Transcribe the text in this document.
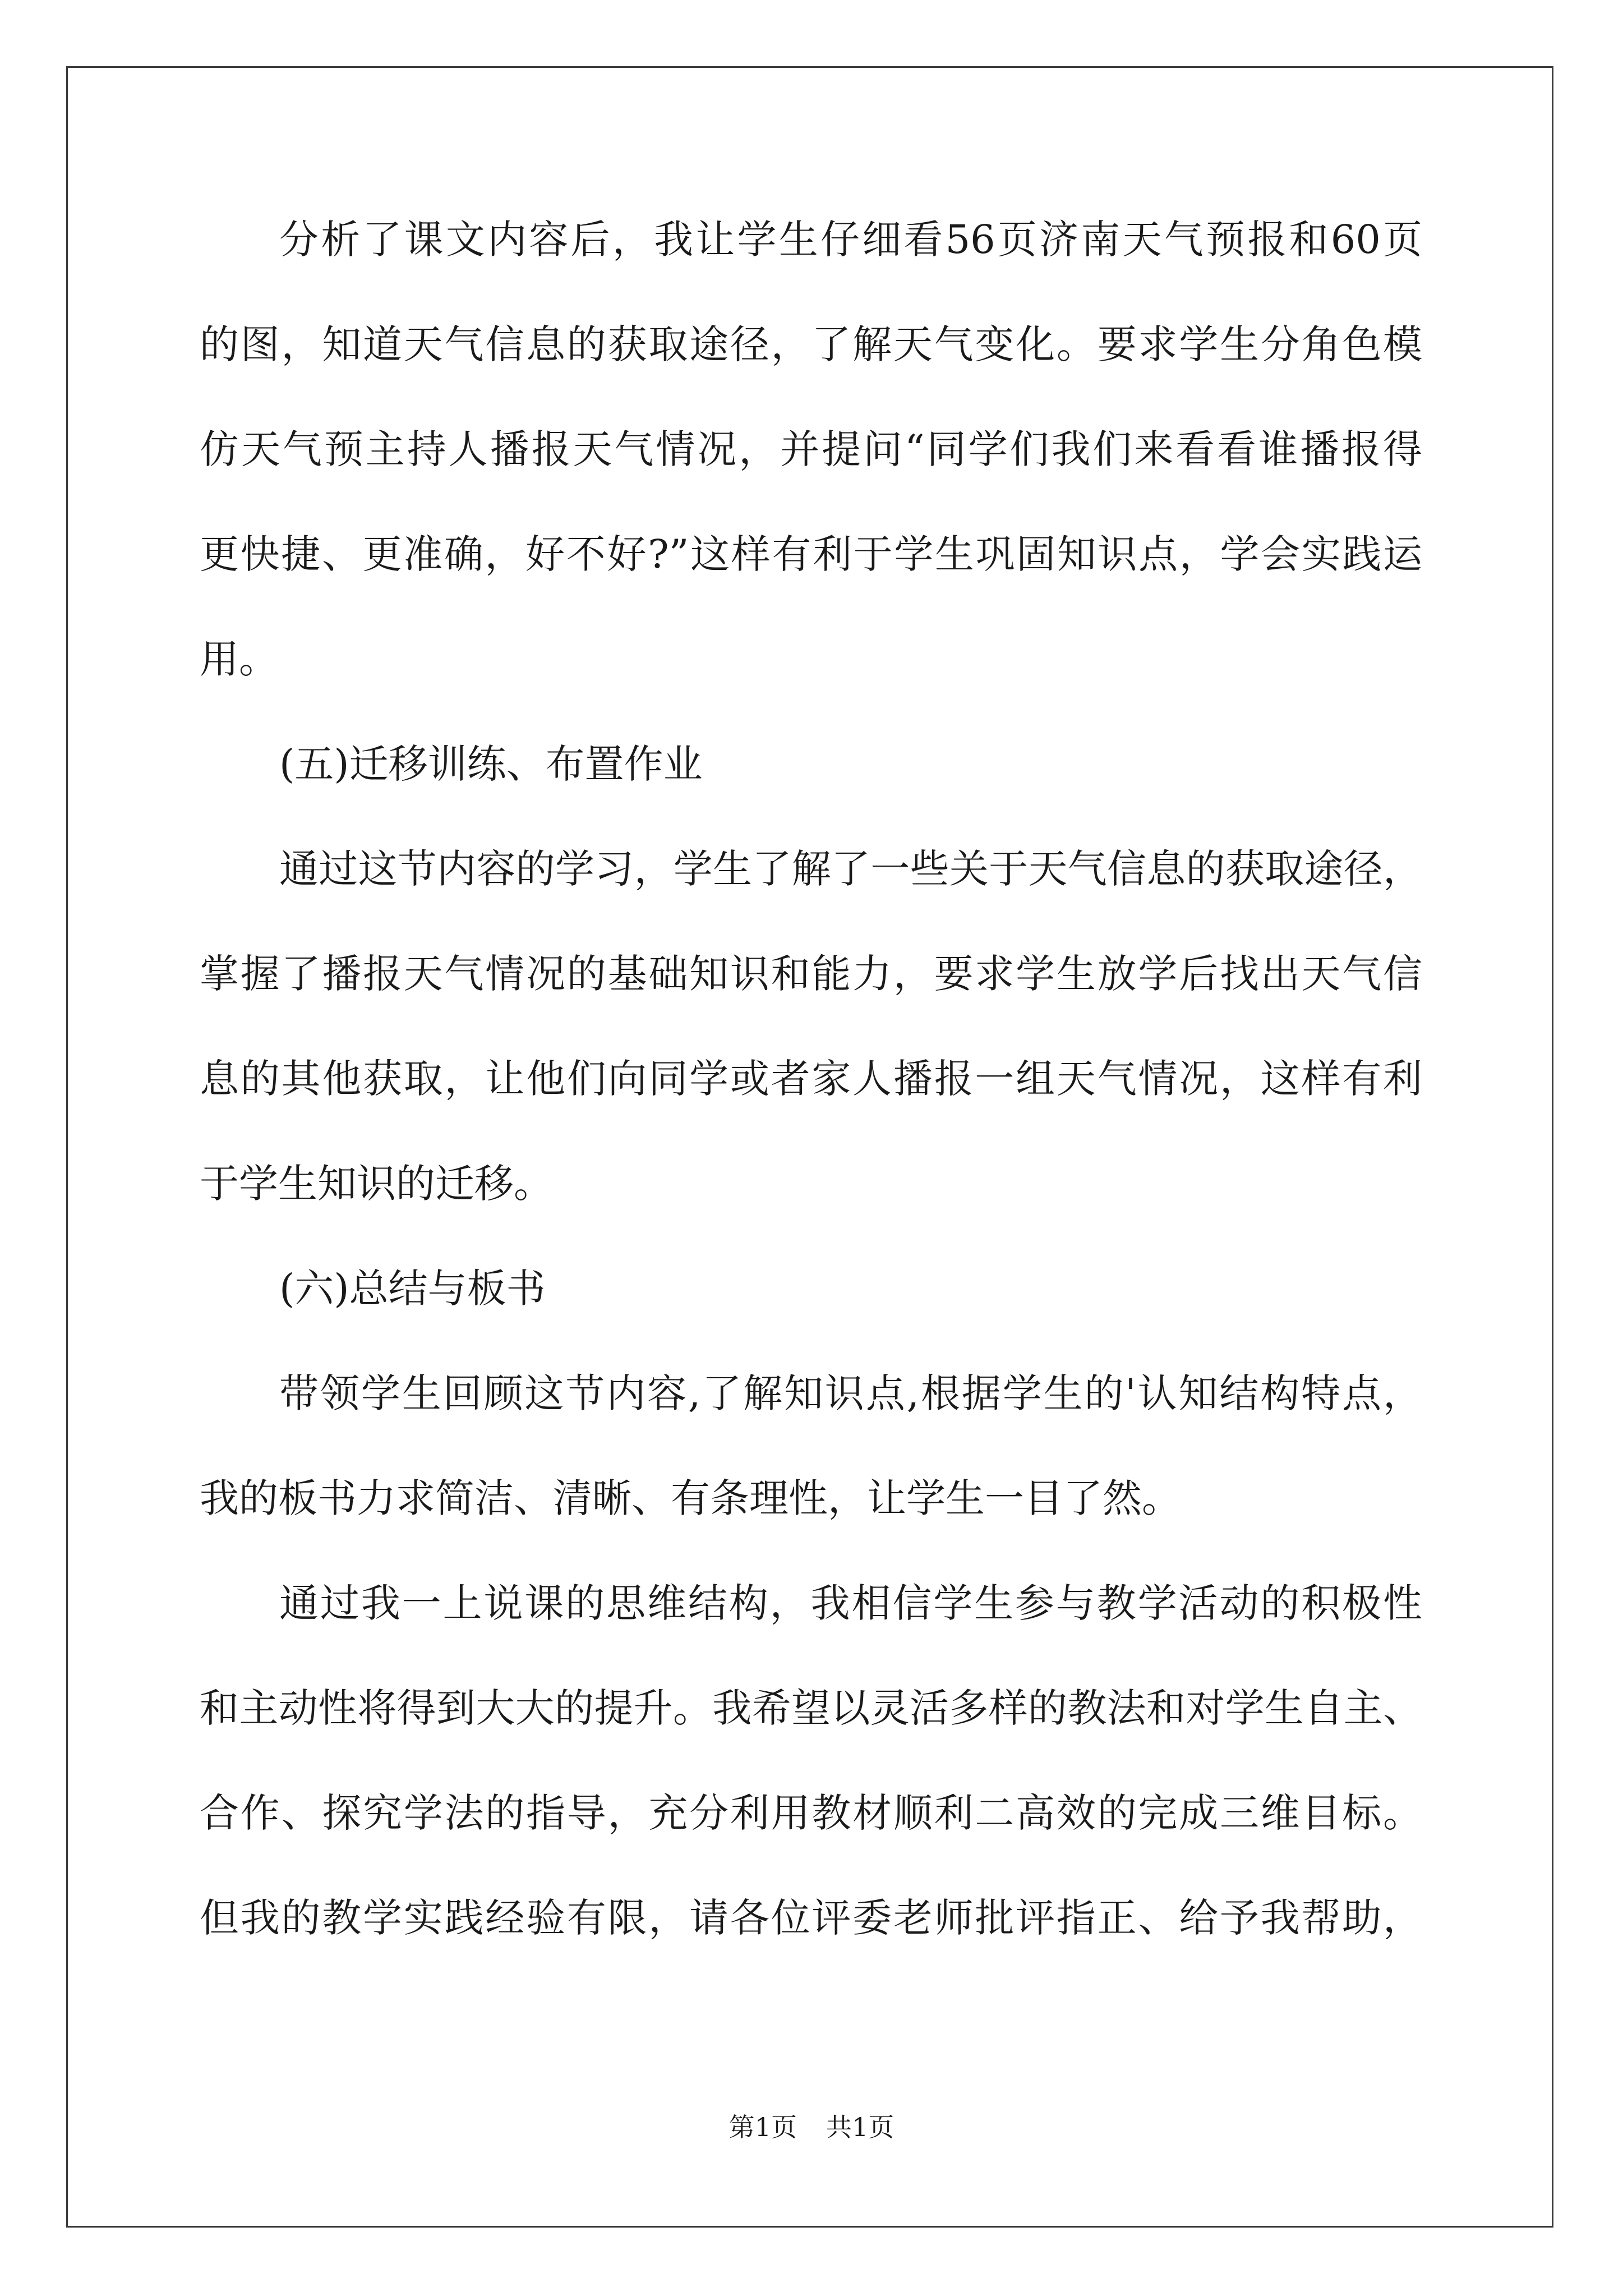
分析了课文内容后，我让学生仔细看56页济南天气预报和60页
的图，知道天气信息的获取途径，了解天气变化。要求学生分角色模
仿天气预主持人播报天气情况，并提问“同学们我们来看看谁播报得
更快捷、更准确，好不好?”这样有利于学生巩固知识点，学会实践运
用。
(五)迁移训练、布置作业
通过这节内容的学习，学生了解了一些关于天气信息的获取途径，
掌握了播报天气情况的基础知识和能力，要求学生放学后找出天气信
息的其他获取，让他们向同学或者家人播报一组天气情况，这样有利
于学生知识的迁移。
(六)总结与板书
带领学生回顾这节内容,了解知识点,根据学生的'认知结构特点，
我的板书力求简洁、清晰、有条理性，让学生一目了然。
通过我一上说课的思维结构，我相信学生参与教学活动的积极性
和主动性将得到大大的提升。我希望以灵活多样的教法和对学生自主、
合作、探究学法的指导，充分利用教材顺利二高效的完成三维目标。
但我的教学实践经验有限，请各位评委老师批评指正、给予我帮助，
第1页 共1页
